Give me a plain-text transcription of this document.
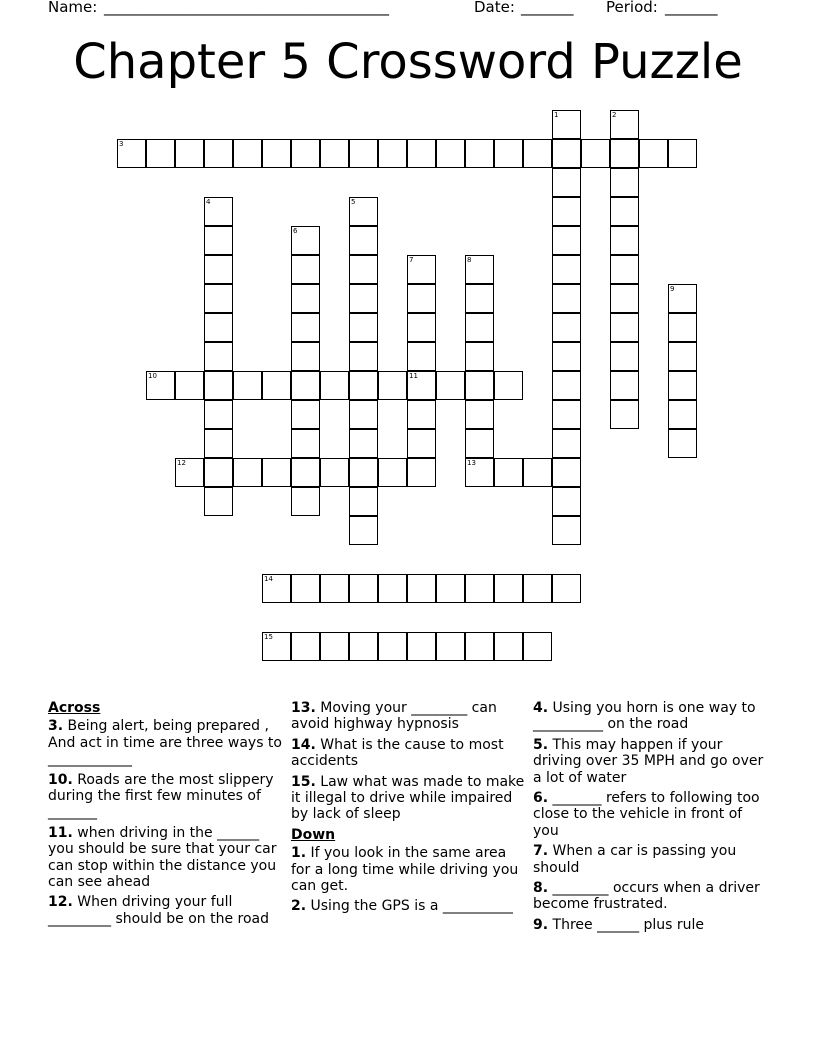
Name: ______________________________________	Date: _______ Period: _______
Chapter 5 Crossword Puzzle
1	2
3
4	5
6
7
11
8
13
9
10
12
14
15
Across
3. Being alert, being prepared , And act in time are three ways to ____________
10. Roads are the most slippery during the first few minutes of _______
11. when driving in the ______ you should be sure that your car can stop within the distance you can see ahead
12. When driving your full _________ should be on the road
13. Moving your ________ can avoid highway hypnosis
14. What is the cause to most accidents
15. Law what was made to make it illegal to drive while impaired by lack of sleep
Down
1. If you look in the same area for a long time while driving you can get.
2. Using the GPS is a __________
4. Using you horn is one way to __________ on the road
5. This may happen if your driving over 35 MPH and go over a lot of water
6. _______ refers to following too close to the vehicle in front of you
7. When a car is passing you should
8. ________ occurs when a driver become frustrated.
9. Three ______ plus rule
